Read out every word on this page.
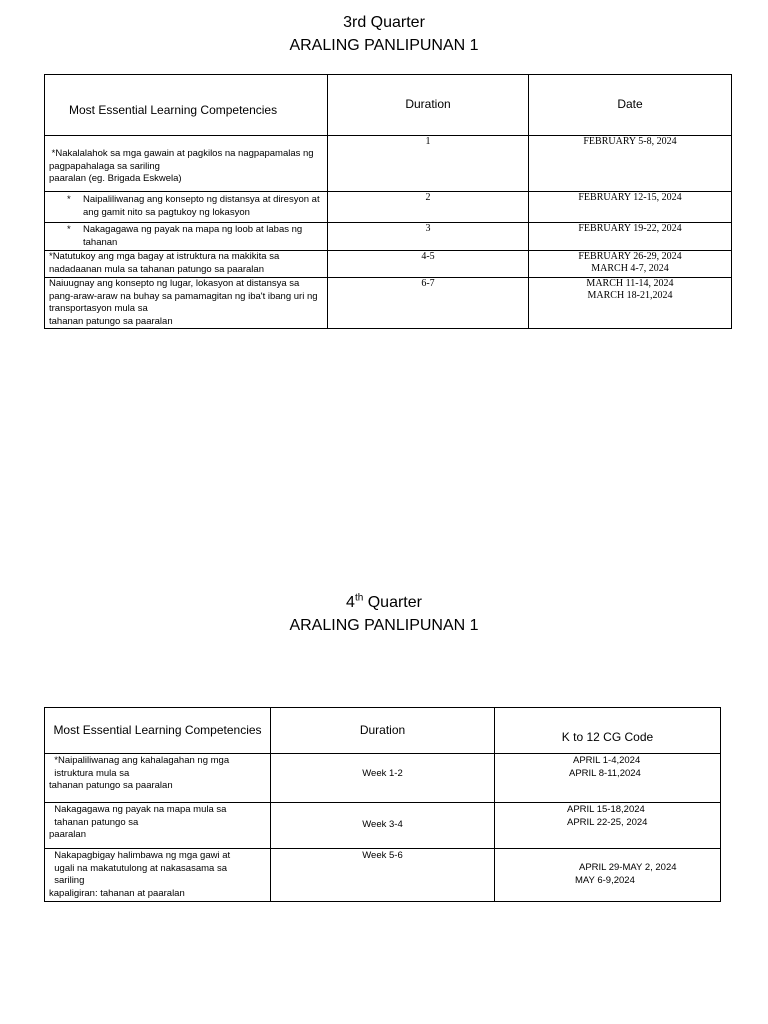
3rd Quarter
ARALING PANLIPUNAN 1
Most Essential Learning Competencies	Duration	Date

*Nakalalahok sa mga gawain at pagkilos na nagpapamalas ng
pagpapahalaga sa sariling
paaralan (eg. Brigada Eskwela)	1	FEBRUARY 5-8, 2024

* Naipaliliwanag ang konsepto ng distansya at diresyon at
ang gamit nito sa pagtukoy ng lokasyon	2	FEBRUARY 12-15, 2024

* Nakagagawa ng payak na mapa ng loob at labas ng
tahanan	3	FEBRUARY 19-22, 2024

*Natutukoy ang mga bagay at istruktura na makikita sa
nadadaanan mula sa tahanan patungo sa paaralan	4-5	FEBRUARY 26-29, 2024
MARCH 4-7, 2024

Naiuugnay ang konsepto ng lugar, lokasyon at distansya sa
pang-araw-araw na buhay sa pamamagitan ng iba't ibang uri ng
transportasyon mula sa
tahanan patungo sa paaralan	6-7	MARCH 11-14, 2024
MARCH 18-21,2024
4th Quarter
ARALING PANLIPUNAN 1
Most Essential Learning Competencies	Duration	K to 12 CG Code

*Naipaliliwanag ang kahalagahan ng mga
istruktura mula sa
tahanan patungo sa paaralan	Week 1-2	APRIL 1-4,2024
APRIL 8-11,2024

Nakagagawa ng payak na mapa mula sa
tahanan patungo sa
paaralan	Week 3-4	APRIL 15-18,2024
APRIL 22-25, 2024

Nakapagbigay halimbawa ng mga gawi at
ugali na makatutulong at nakasasama sa
sariling
kapaligiran: tahanan at paaralan	Week 5-6	APRIL 29-MAY 2, 2024
MAY 6-9,2024
